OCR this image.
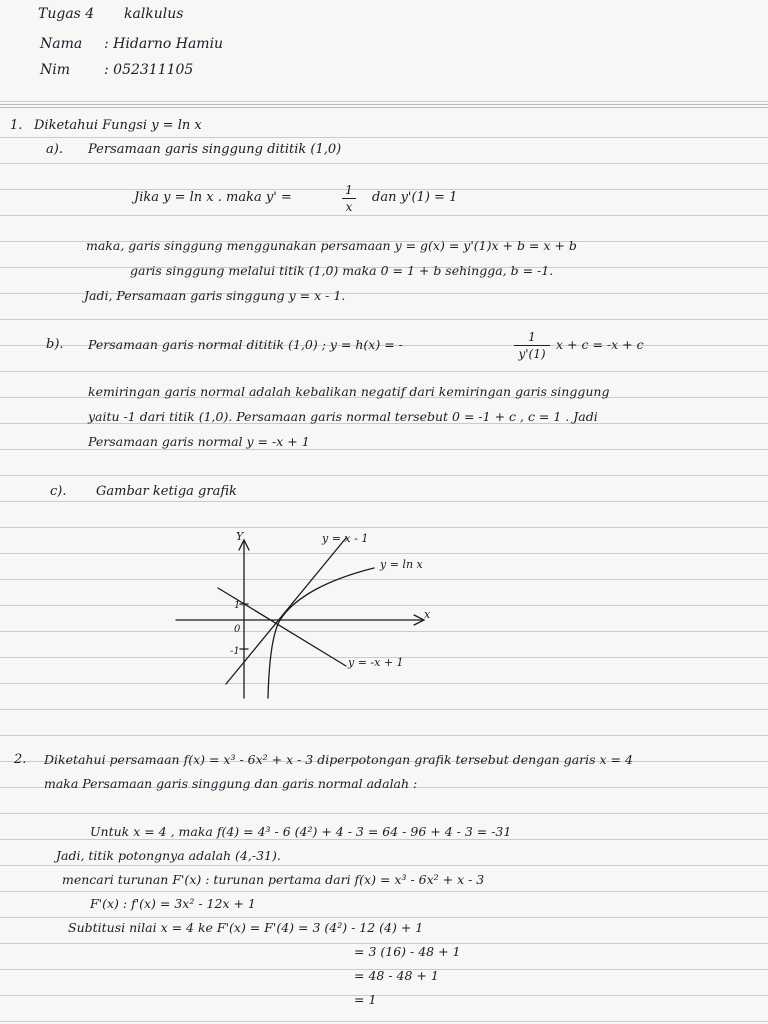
Tugas 4 kalkulus
Nama : Hidarno Hamiu
Nim : 052311105
1. Diketahui Fungsi y = ln x
a). Persamaan garis singgung dititik (1,0)
Jika y = ln x . maka y' =	1
x
dan y'(1) = 1
maka, garis singgung menggunakan persamaan y = g(x) = y'(1)x + b = x + b
garis singgung melalui titik (1,0) maka 0 = 1 + b sehingga, b = -1.
Jadi, Persamaan garis singgung y = x - 1.
b). Persamaan garis normal dititik (1,0) ; y = h(x) = -	1
y'(1)
x + c = -x + c
kemiringan garis normal adalah kebalikan negatif dari kemiringan garis singgung
yaitu -1 dari titik (1,0). Persamaan garis normal tersebut 0 = -1 + c , c = 1 . Jadi
Persamaan garis normal y = -x + 1
c). Gambar ketiga grafik
Y
x
y = x - 1
y = ln x
y = -x + 1
1
0
-1
2. Diketahui persamaan f(x) = x³ - 6x² + x - 3 diperpotongan grafik tersebut dengan garis x = 4
maka Persamaan garis singgung dan garis normal adalah :
Untuk x = 4 , maka f(4) = 4³ - 6 (4²) + 4 - 3 = 64 - 96 + 4 - 3 = -31
Jadi, titik potongnya adalah (4,-31).
mencari turunan F'(x) : turunan pertama dari f(x) = x³ - 6x² + x - 3
F'(x) : f'(x) = 3x² - 12x + 1
Subtitusi nilai x = 4 ke F'(x) = F'(4) = 3 (4²) - 12 (4) + 1
= 3 (16) - 48 + 1
= 48 - 48 + 1
= 1
